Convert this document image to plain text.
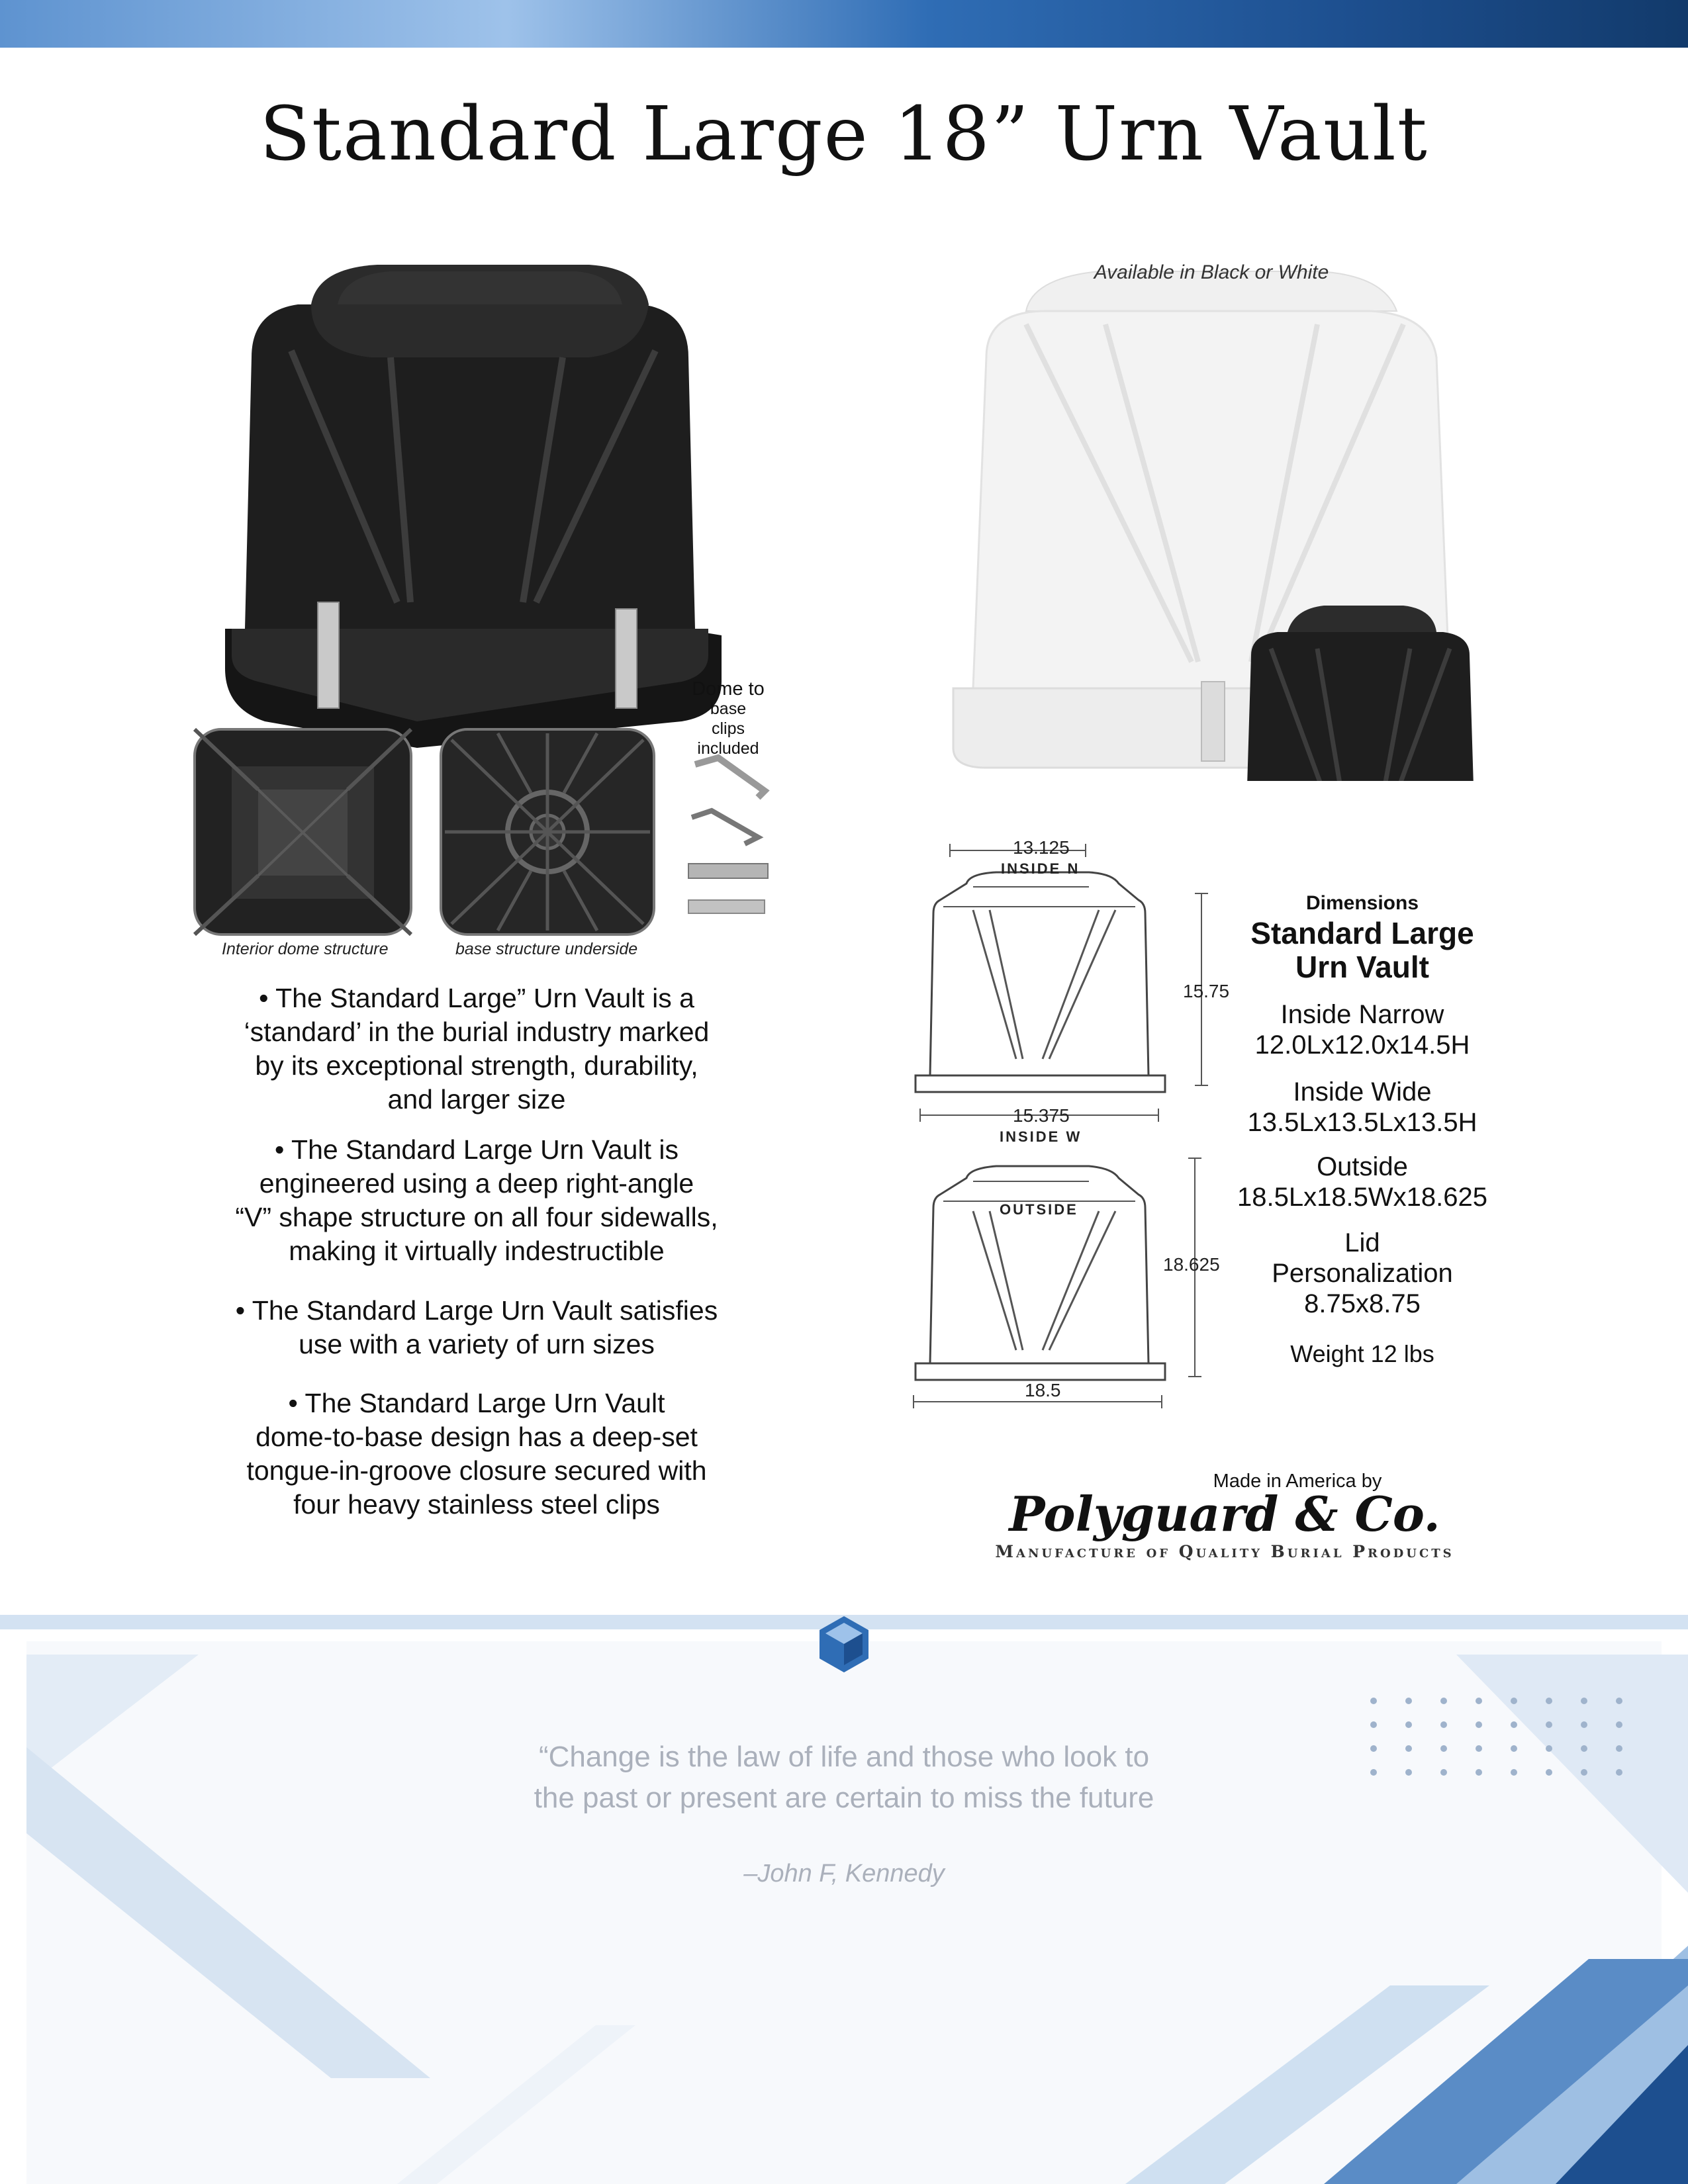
Standard Large 18” Urn Vault
Dome to
base clips
included
Interior dome structure	base structure underside
• The Standard Large” Urn Vault is a
‘standard’ in the burial industry marked
by its exceptional strength, durability,
and larger size
• The Standard Large Urn Vault is
engineered using a deep right-angle
“V” shape structure on all four sidewalls,
making it virtually indestructible
• The Standard Large Urn Vault satisfies
use with a variety of urn sizes
• The Standard Large Urn Vault
dome-to-base design has a deep-set
tongue-in-groove closure secured with
four heavy stainless steel clips
Available in Black or White
13.125
INSIDE N
15.75
15.375
INSIDE W
OUTSIDE
18.625
18.5
Dimensions
Standard Large
Urn Vault
Inside Narrow
12.0Lx12.0x14.5H
Inside Wide
13.5Lx13.5Lx13.5H
Outside
18.5Lx18.5Wx18.625
Lid
Personalization
8.75x8.75
Weight 12 lbs
Made in America by
Polyguard & Co.
Manufacture of Quality Burial Products
“Change is the law of life and those who look to
the past or present are certain to miss the future
–John F, Kennedy
